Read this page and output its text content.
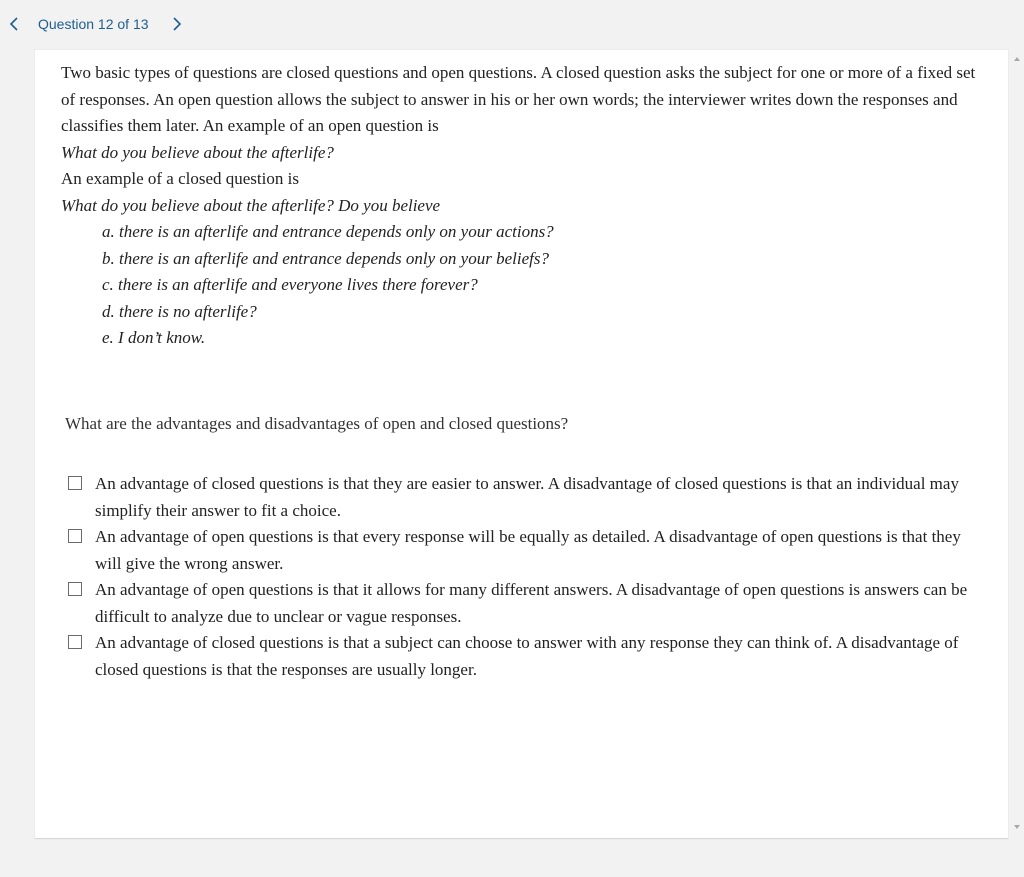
Question 12 of 13

Two basic types of questions are closed questions and open questions. A closed question asks the subject for one or more of a fixed set of responses. An open question allows the subject to answer in his or her own words; the interviewer writes down the responses and classifies them later. An example of an open question is

What do you believe about the afterlife?

An example of a closed question is

What do you believe about the afterlife? Do you believe

a. there is an afterlife and entrance depends only on your actions?

b. there is an afterlife and entrance depends only on your beliefs?

c. there is an afterlife and everyone lives there forever?

d. there is no afterlife?

e. I don’t know.

What are the advantages and disadvantages of open and closed questions?
An advantage of closed questions is that they are easier to answer. A disadvantage of closed questions is that an individual may simplify their answer to fit a choice.
An advantage of open questions is that every response will be equally as detailed. A disadvantage of open questions is that they will give the wrong answer.
An advantage of open questions is that it allows for many different answers. A disadvantage of open questions is answers can be difficult to analyze due to unclear or vague responses.
An advantage of closed questions is that a subject can choose to answer with any response they can think of. A disadvantage of closed questions is that the responses are usually longer.
